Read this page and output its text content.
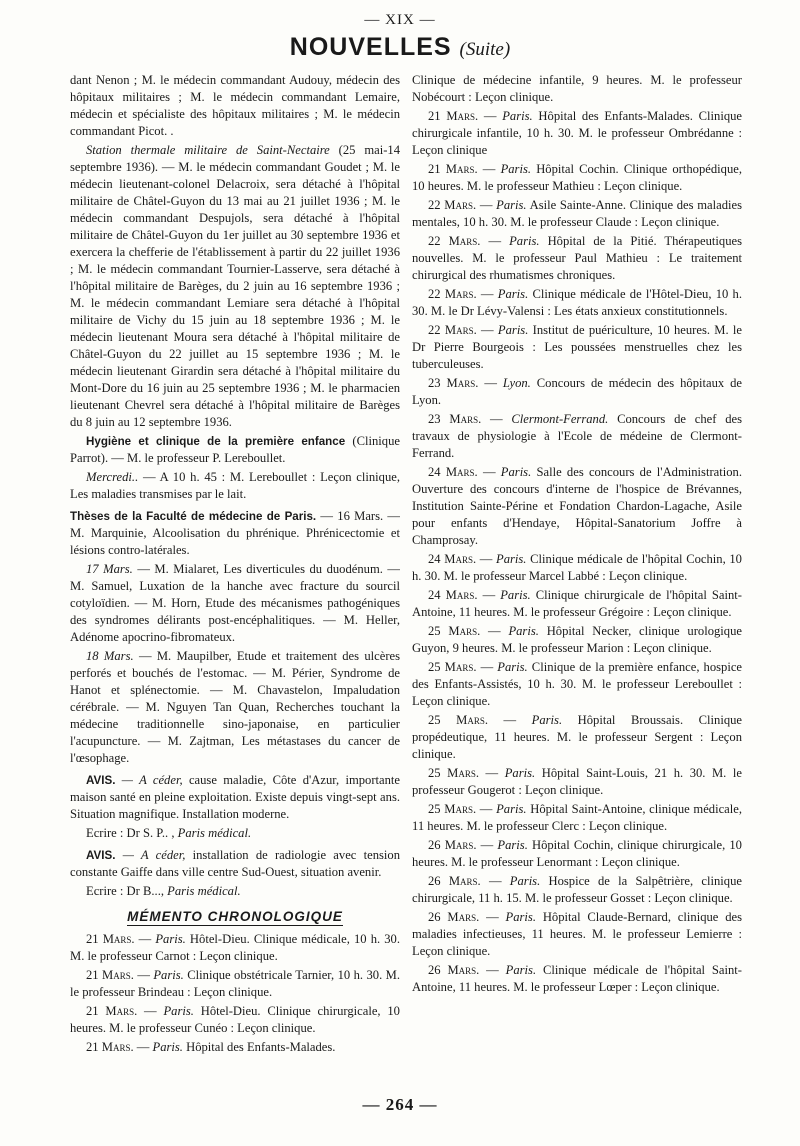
— XIX —
NOUVELLES (Suite)

dant Nenon ; M. le médecin commandant Audouy, médecin des hôpitaux militaires ; M. le médecin commandant Lemaire, médecin et spécialiste des hôpitaux militaires ; M. le médecin commandant Picot. .

Station thermale militaire de Saint-Nectaire (25 mai-14 septembre 1936). — M. le médecin commandant Goudet ; M. le médecin lieutenant-colonel Delacroix, sera détaché à l'hôpital militaire de Châtel-Guyon du 13 mai au 21 juillet 1936 ; M. le médecin commandant Despujols, sera détaché à l'hôpital militaire de Châtel-Guyon du 1er juillet au 30 septembre 1936 et exercera la chefferie de l'établissement à partir du 22 juillet 1936 ; M. le médecin commandant Tournier-Lasserve, sera détaché à l'hôpital militaire de Barèges, du 2 juin au 16 septembre 1936 ; M. le médecin commandant Lemiare sera détaché à l'hôpital militaire de Vichy du 15 juin au 18 septembre 1936 ; M. le médecin lieutenant Moura sera détaché à l'hôpital militaire de Châtel-Guyon du 22 juillet au 15 septembre 1936 ; M. le médecin lieutenant Girardin sera détaché à l'hôpital militaire du Mont-Dore du 16 juin au 25 septembre 1936 ; M. le pharmacien lieutenant Chevrel sera détaché à l'hôpital militaire de Barèges du 8 juin au 12 septembre 1936.

Hygiène et clinique de la première enfance (Clinique Parrot). — M. le professeur P. Lereboullet.

Mercredi.. — A 10 h. 45 : M. Lereboullet : Leçon clinique, Les maladies transmises par le lait.

Thèses de la Faculté de médecine de Paris. — 16 Mars. — M. Marquinie, Alcoolisation du phrénique. Phrénicectomie et lésions contro-latérales.

17 Mars. — M. Mialaret, Les diverticules du duodénum. — M. Samuel, Luxation de la hanche avec fracture du sourcil cotyloïdien. — M. Horn, Etude des mécanismes pathogéniques des syndromes délirants post-encéphalitiques. — M. Heller, Adénome apocrino-fibromateux.

18 Mars. — M. Maupilber, Etude et traitement des ulcères perforés et bouchés de l'estomac. — M. Périer, Syndrome de Hanot et splénectomie. — M. Chavastelon, Impaludation cérébrale. — M. Nguyen Tan Quan, Recherches touchant la médecine traditionnelle sino-japonaise, en particulier l'acupuncture. — M. Zajtman, Les métastases du cancer de l'œsophage.

AVIS. — A céder, cause maladie, Côte d'Azur, importante maison santé en pleine exploitation. Existe depuis vingt-sept ans. Situation magnifique. Installation moderne.

Ecrire : Dr S. P.. , Paris médical.

AVIS. — A céder, installation de radiologie avec tension constante Gaiffe dans ville centre Sud-Ouest, situation avenir.

Ecrire : Dr B..., Paris médical.

MÉMENTO CHRONOLOGIQUE

21 Mars. — Paris. Hôtel-Dieu. Clinique médicale, 10 h. 30. M. le professeur Carnot : Leçon clinique.

21 Mars. — Paris. Clinique obstétricale Tarnier, 10 h. 30. M. le professeur Brindeau : Leçon clinique.

21 Mars. — Paris. Hôtel-Dieu. Clinique chirurgicale, 10 heures. M. le professeur Cunéo : Leçon clinique.

21 Mars. — Paris. Hôpital des Enfants-Malades.

Clinique de médecine infantile, 9 heures. M. le professeur Nobécourt : Leçon clinique.

21 Mars. — Paris. Hôpital des Enfants-Malades. Clinique chirurgicale infantile, 10 h. 30. M. le professeur Ombrédanne : Leçon clinique

21 Mars. — Paris. Hôpital Cochin. Clinique orthopédique, 10 heures. M. le professeur Mathieu : Leçon clinique.

22 Mars. — Paris. Asile Sainte-Anne. Clinique des maladies mentales, 10 h. 30. M. le professeur Claude : Leçon clinique.

22 Mars. — Paris. Hôpital de la Pitié. Thérapeutiques nouvelles. M. le professeur Paul Mathieu : Le traitement chirurgical des rhumatismes chroniques.

22 Mars. — Paris. Clinique médicale de l'Hôtel-Dieu, 10 h. 30. M. le Dr Lévy-Valensi : Les états anxieux constitutionnels.

22 Mars. — Paris. Institut de puériculture, 10 heures. M. le Dr Pierre Bourgeois : Les poussées menstruelles chez les tuberculeuses.

23 Mars. — Lyon. Concours de médecin des hôpitaux de Lyon.

23 Mars. — Clermont-Ferrand. Concours de chef des travaux de physiologie à l'Ecole de médeine de Clermont-Ferrand.

24 Mars. — Paris. Salle des concours de l'Administration. Ouverture des concours d'interne de l'hospice de Brévannes, Institution Sainte-Périne et Fondation Chardon-Lagache, Asile pour enfants d'Hendaye, Hôpital-Sanatorium Joffre à Champrosay.

24 Mars. — Paris. Clinique médicale de l'hôpital Cochin, 10 h. 30. M. le professeur Marcel Labbé : Leçon clinique.

24 Mars. — Paris. Clinique chirurgicale de l'hôpital Saint-Antoine, 11 heures. M. le professeur Grégoire : Leçon clinique.

25 Mars. — Paris. Hôpital Necker, clinique urologique Guyon, 9 heures. M. le professeur Marion : Leçon clinique.

25 Mars. — Paris. Clinique de la première enfance, hospice des Enfants-Assistés, 10 h. 30. M. le professeur Lereboullet : Leçon clinique.

25 Mars. — Paris. Hôpital Broussais. Clinique propédeutique, 11 heures. M. le professeur Sergent : Leçon clinique.

25 Mars. — Paris. Hôpital Saint-Louis, 21 h. 30. M. le professeur Gougerot : Leçon clinique.

25 Mars. — Paris. Hôpital Saint-Antoine, clinique médicale, 11 heures. M. le professeur Clerc : Leçon clinique.

26 Mars. — Paris. Hôpital Cochin, clinique chirurgicale, 10 heures. M. le professeur Lenormant : Leçon clinique.

26 Mars. — Paris. Hospice de la Salpêtrière, clinique chirurgicale, 11 h. 15. M. le professeur Gosset : Leçon clinique.

26 Mars. — Paris. Hôpital Claude-Bernard, clinique des maladies infectieuses, 11 heures. M. le professeur Lemierre : Leçon clinique.

26 Mars. — Paris. Clinique médicale de l'hôpital Saint-Antoine, 11 heures. M. le professeur Lœper : Leçon clinique.

— 264 —
